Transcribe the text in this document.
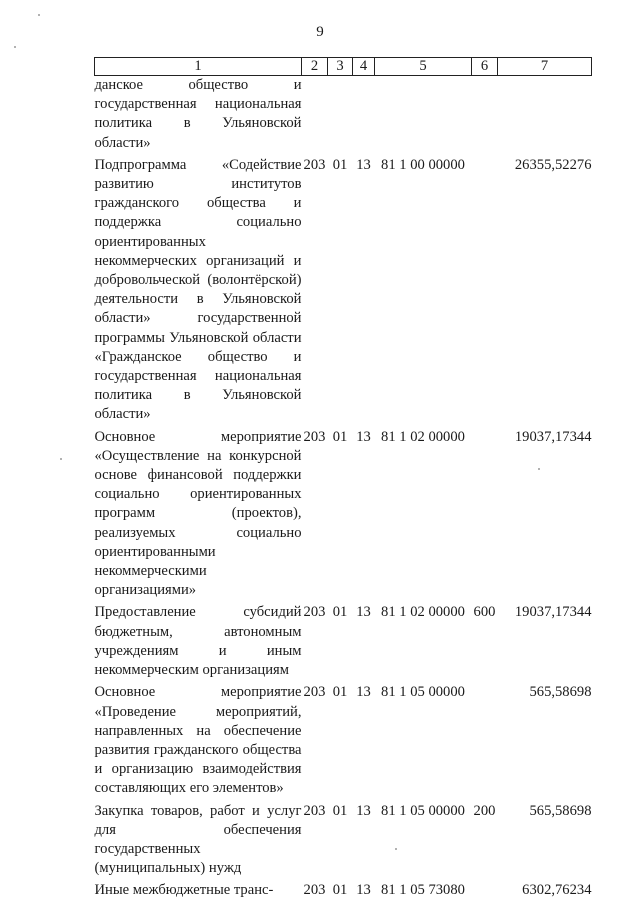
9
1	2	3	4	5	6	7
данское общество и государственная национальная политика в Ульяновской области»						
Подпрограмма «Содействие развитию институтов гражданского общества и поддержка социально ориентированных некоммерческих организаций и добровольческой (волонтёрской) деятельности в Ульяновской области» государственной программы Ульяновской области «Гражданское общество и государственная национальная политика в Ульяновской области»	203	01	13	81 1 00 00000		26355,52276
Основное мероприятие «Осуществление на конкурсной основе финансовой поддержки социально ориентированных программ (проектов), реализуемых социально ориентированными некоммерческими организациями»	203	01	13	81 1 02 00000		19037,17344
Предоставление субсидий бюджетным, автономным учреждениям и иным некоммерческим организациям	203	01	13	81 1 02 00000	600	19037,17344
Основное мероприятие «Проведение мероприятий, направленных на обеспечение развития гражданского общества и организацию взаимодействия составляющих его элементов»	203	01	13	81 1 05 00000		565,58698
Закупка товаров, работ и услуг для обеспечения государственных (муниципальных) нужд	203	01	13	81 1 05 00000	200	565,58698
Иные межбюджетные транс-	203	01	13	81 1 05 73080		6302,76234
